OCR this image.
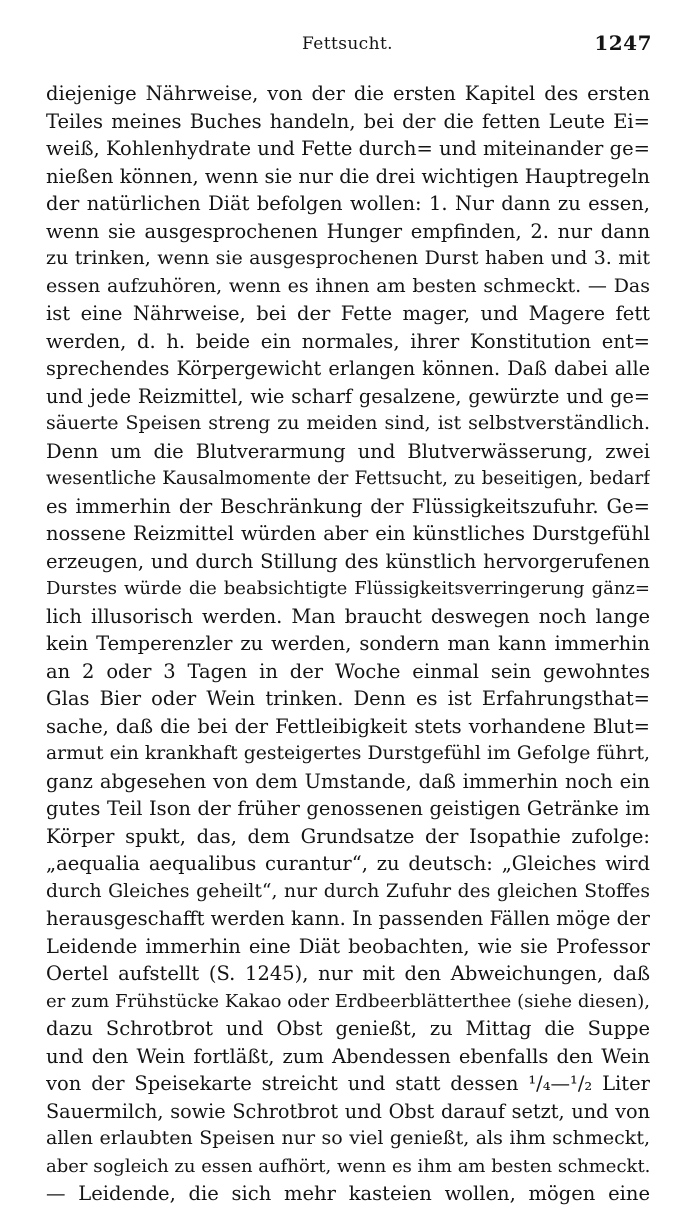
Fettsucht.	1247
diejenige Nährweise, von der die ersten Kapitel des ersten
Teiles meines Buches handeln, bei der die fetten Leute Ei=
weiß, Kohlenhydrate und Fette durch= und miteinander ge=
nießen können, wenn sie nur die drei wichtigen Hauptregeln
der natürlichen Diät befolgen wollen: 1. Nur dann zu essen,
wenn sie ausgesprochenen Hunger empfinden, 2. nur dann
zu trinken, wenn sie ausgesprochenen Durst haben und 3. mit
essen aufzuhören, wenn es ihnen am besten schmeckt. — Das
ist eine Nährweise, bei der Fette mager, und Magere fett
werden, d. h. beide ein normales, ihrer Konstitution ent=
sprechendes Körpergewicht erlangen können. Daß dabei alle
und jede Reizmittel, wie scharf gesalzene, gewürzte und ge=
säuerte Speisen streng zu meiden sind, ist selbstverständlich.
Denn um die Blutverarmung und Blutverwässerung, zwei
wesentliche Kausalmomente der Fettsucht, zu beseitigen, bedarf
es immerhin der Beschränkung der Flüssigkeitszufuhr. Ge=
nossene Reizmittel würden aber ein künstliches Durstgefühl
erzeugen, und durch Stillung des künstlich hervorgerufenen
Durstes würde die beabsichtigte Flüssigkeitsverringerung gänz=
lich illusorisch werden. Man braucht deswegen noch lange
kein Temperenzler zu werden, sondern man kann immerhin
an 2 oder 3 Tagen in der Woche einmal sein gewohntes
Glas Bier oder Wein trinken. Denn es ist Erfahrungsthat=
sache, daß die bei der Fettleibigkeit stets vorhandene Blut=
armut ein krankhaft gesteigertes Durstgefühl im Gefolge führt,
ganz abgesehen von dem Umstande, daß immerhin noch ein
gutes Teil Ison der früher genossenen geistigen Getränke im
Körper spukt, das, dem Grundsatze der Isopathie zufolge:
„aequalia aequalibus curantur“, zu deutsch: „Gleiches wird
durch Gleiches geheilt“, nur durch Zufuhr des gleichen Stoffes
herausgeschafft werden kann. In passenden Fällen möge der
Leidende immerhin eine Diät beobachten, wie sie Professor
Oertel aufstellt (S. 1245), nur mit den Abweichungen, daß
er zum Frühstücke Kakao oder Erdbeerblätterthee (siehe diesen),
dazu Schrotbrot und Obst genießt, zu Mittag die Suppe
und den Wein fortläßt, zum Abendessen ebenfalls den Wein
von der Speisekarte streicht und statt dessen ¹/₄—¹/₂ Liter
Sauermilch, sowie Schrotbrot und Obst darauf setzt, und von
allen erlaubten Speisen nur so viel genießt, als ihm schmeckt,
aber sogleich zu essen aufhört, wenn es ihm am besten schmeckt.
— Leidende, die sich mehr kasteien wollen, mögen eine
